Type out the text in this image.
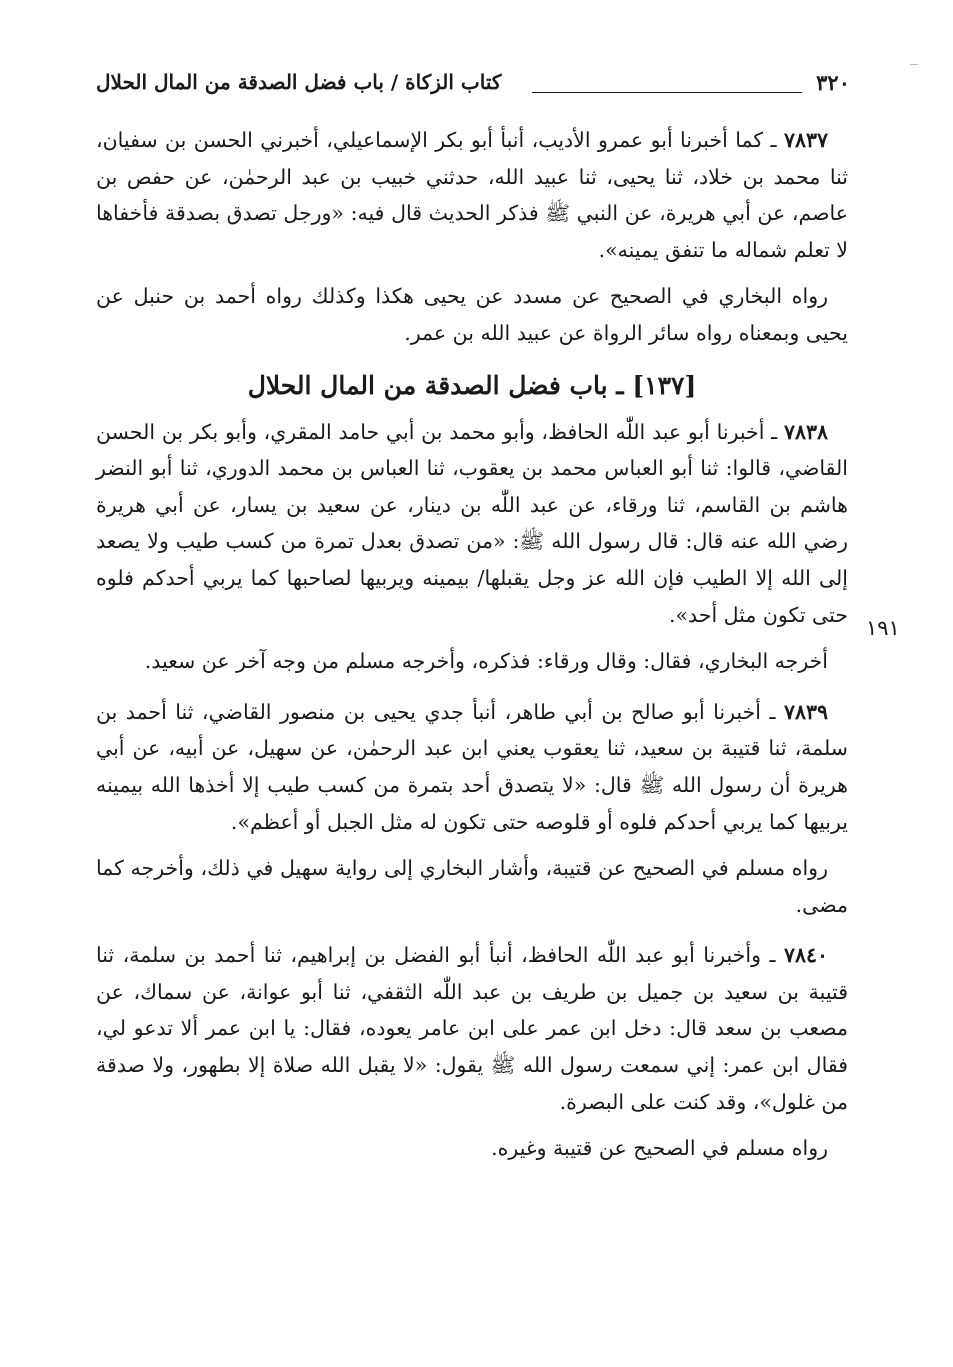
٣٢٠
كتاب الزكاة / باب فضل الصدقة من المال الحلال
١٩١

٧٨٣٧ ـ كما أخبرنا أبو عمرو الأديب، أنبأ أبو بكر الإسماعيلي، أخبرني الحسن بن سفيان، ثنا محمد بن خلاد، ثنا يحيى، ثنا عبيد الله، حدثني خبيب بن عبد الرحمٰن، عن حفص بن عاصم، عن أبي هريرة، عن النبي ﷺ فذكر الحديث قال فيه: «ورجل تصدق بصدقة فأخفاها لا تعلم شماله ما تنفق يمينه».

رواه البخاري في الصحيح عن مسدد عن يحيى هكذا وكذلك رواه أحمد بن حنبل عن يحيى وبمعناه رواه سائر الرواة عن عبيد الله بن عمر.

[١٣٧] ـ باب فضل الصدقة من المال الحلال

٧٨٣٨ ـ أخبرنا أبو عبد اللّٰه الحافظ، وأبو محمد بن أبي حامد المقري، وأبو بكر بن الحسن القاضي، قالوا: ثنا أبو العباس محمد بن يعقوب، ثنا العباس بن محمد الدوري، ثنا أبو النضر هاشم بن القاسم، ثنا ورقاء، عن عبد اللّٰه بن دينار، عن سعيد بن يسار، عن أبي هريرة رضي الله عنه قال: قال رسول الله ﷺ: «من تصدق بعدل تمرة من كسب طيب ولا يصعد إلى الله إلا الطيب فإن الله عز وجل يقبلها/ بيمينه ويربيها لصاحبها كما يربي أحدكم فلوه حتى تكون مثل أحد».

أخرجه البخاري، فقال: وقال ورقاء: فذكره، وأخرجه مسلم من وجه آخر عن سعيد.

٧٨٣٩ ـ أخبرنا أبو صالح بن أبي طاهر، أنبأ جدي يحيى بن منصور القاضي، ثنا أحمد بن سلمة، ثنا قتيبة بن سعيد، ثنا يعقوب يعني ابن عبد الرحمٰن، عن سهيل، عن أبيه، عن أبي هريرة أن رسول الله ﷺ قال: «لا يتصدق أحد بتمرة من كسب طيب إلا أخذها الله بيمينه يربيها كما يربي أحدكم فلوه أو قلوصه حتى تكون له مثل الجبل أو أعظم».

رواه مسلم في الصحيح عن قتيبة، وأشار البخاري إلى رواية سهيل في ذلك، وأخرجه كما مضى.

٧٨٤٠ ـ وأخبرنا أبو عبد اللّٰه الحافظ، أنبأ أبو الفضل بن إبراهيم، ثنا أحمد بن سلمة، ثنا قتيبة بن سعيد بن جميل بن طريف بن عبد اللّٰه الثقفي، ثنا أبو عوانة، عن سماك، عن مصعب بن سعد قال: دخل ابن عمر على ابن عامر يعوده، فقال: يا ابن عمر ألا تدعو لي، فقال ابن عمر: إني سمعت رسول الله ﷺ يقول: «لا يقبل الله صلاة إلا بطهور، ولا صدقة من غلول»، وقد كنت على البصرة.

رواه مسلم في الصحيح عن قتيبة وغيره.
